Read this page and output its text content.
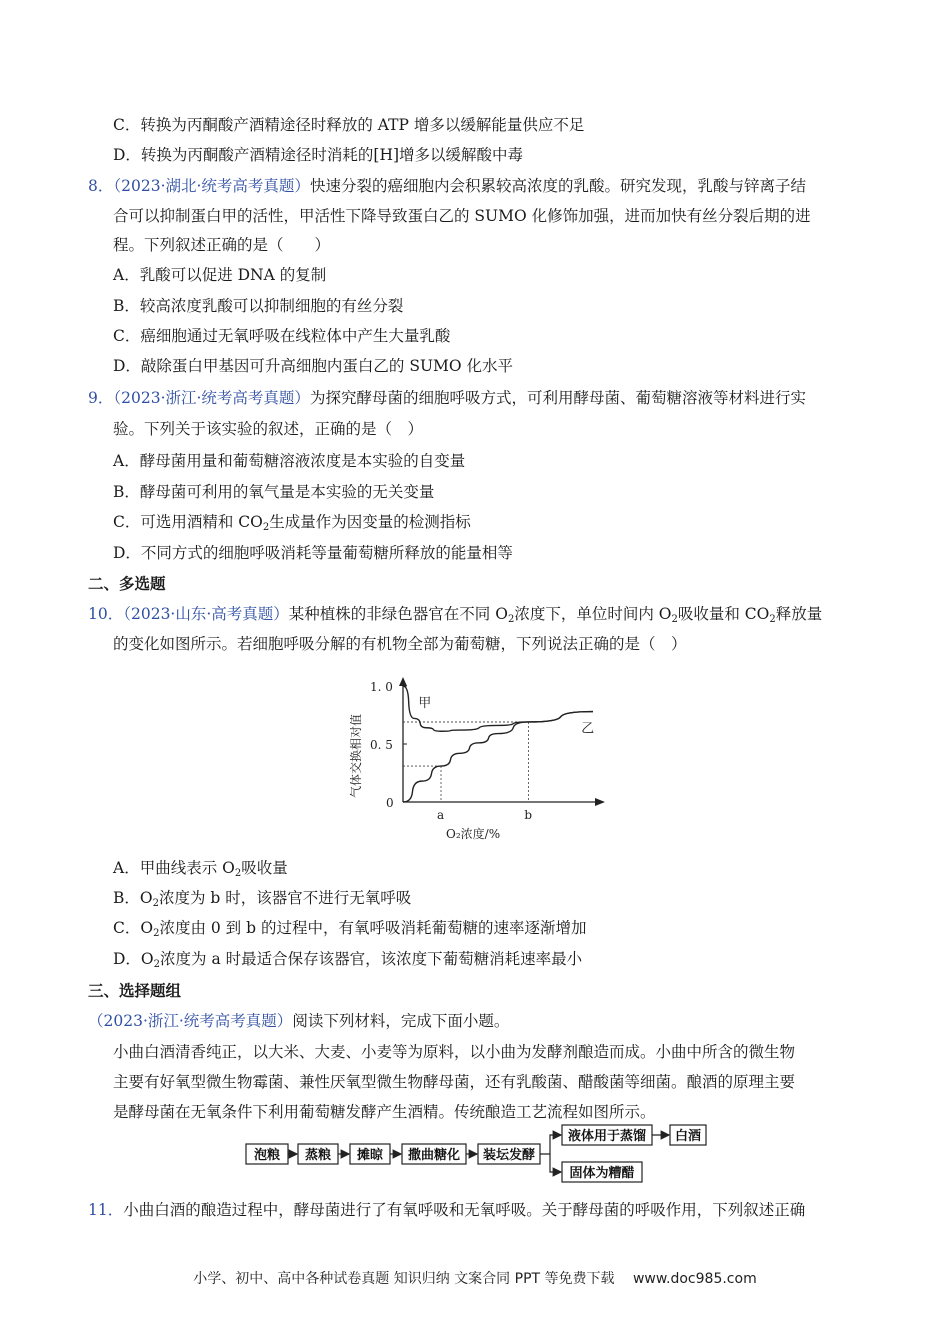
C．转换为丙酮酸产酒精途径时释放的 ATP 增多以缓解能量供应不足
D．转换为丙酮酸产酒精途径时消耗的[H]增多以缓解酸中毒
8．（2023·湖北·统考高考真题）快速分裂的癌细胞内会积累较高浓度的乳酸。研究发现，乳酸与锌离子结
合可以抑制蛋白甲的活性，甲活性下降导致蛋白乙的 SUMO 化修饰加强，进而加快有丝分裂后期的进
程。下列叙述正确的是（　　）
A．乳酸可以促进 DNA 的复制
B．较高浓度乳酸可以抑制细胞的有丝分裂
C．癌细胞通过无氧呼吸在线粒体中产生大量乳酸
D．敲除蛋白甲基因可升高细胞内蛋白乙的 SUMO 化水平
9．（2023·浙江·统考高考真题）为探究酵母菌的细胞呼吸方式，可利用酵母菌、葡萄糖溶液等材料进行实
验。下列关于该实验的叙述，正确的是（　）
A．酵母菌用量和葡萄糖溶液浓度是本实验的自变量
B．酵母菌可利用的氧气量是本实验的无关变量
C．可选用酒精和 $CO_2$生成量作为因变量的检测指标
D．不同方式的细胞呼吸消耗等量葡萄糖所释放的能量相等
二、多选题
10．（2023·山东·高考真题）某种植株的非绿色器官在不同 $O_2$浓度下，单位时间内 $O_2$吸收量和 $CO_2$释放量
的变化如图所示。若细胞呼吸分解的有机物全部为葡萄糖，下列说法正确的是（　）
气体交换相对值
O₂浓度/%
1. 0
0. 5
0
a	b
甲
乙
A．甲曲线表示 $O_2$吸收量
B．$O_2$浓度为 b 时，该器官不进行无氧呼吸
C．$O_2$浓度由 0 到 b 的过程中，有氧呼吸消耗葡萄糖的速率逐渐增加
D．$O_2$浓度为 a 时最适合保存该器官，该浓度下葡萄糖消耗速率最小
三、选择题组
（2023·浙江·统考高考真题）阅读下列材料，完成下面小题。
小曲白酒清香纯正，以大米、大麦、小麦等为原料，以小曲为发酵剂酿造而成。小曲中所含的微生物
主要有好氧型微生物霉菌、兼性厌氧型微生物酵母菌，还有乳酸菌、醋酸菌等细菌。酿酒的原理主要
是酵母菌在无氧条件下利用葡萄糖发酵产生酒精。传统酿造工艺流程如图所示。
泡粮 蒸粮 摊晾 撒曲糖化 装坛发酵
液体用于蒸馏 白酒
固体为糟醋
11．小曲白酒的酿造过程中，酵母菌进行了有氧呼吸和无氧呼吸。关于酵母菌的呼吸作用，下列叙述正确
小学、初中、高中各种试卷真题 知识归纳 文案合同 PPT 等免费下载　 www.doc985.com
